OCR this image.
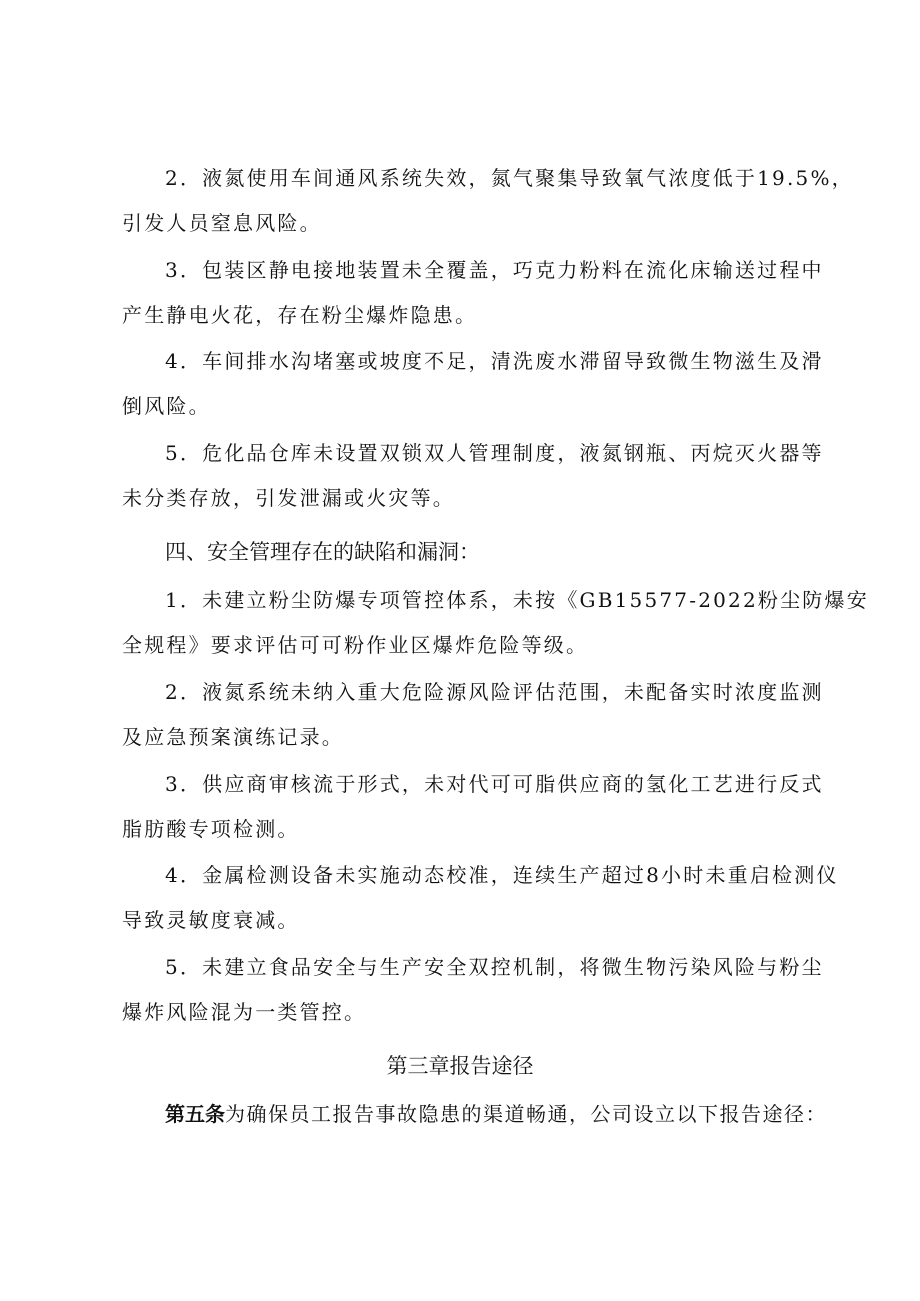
2．液氮使用车间通风系统失效，氮气聚集导致氧气浓度低于19.5%，
引发人员窒息风险。
3．包装区静电接地装置未全覆盖，巧克力粉料在流化床输送过程中
产生静电火花，存在粉尘爆炸隐患。
4．车间排水沟堵塞或坡度不足，清洗废水滞留导致微生物滋生及滑
倒风险。
5．危化品仓库未设置双锁双人管理制度，液氮钢瓶、丙烷灭火器等
未分类存放，引发泄漏或火灾等。
四、安全管理存在的缺陷和漏洞：
1．未建立粉尘防爆专项管控体系，未按《GB15577-2022粉尘防爆安
全规程》要求评估可可粉作业区爆炸危险等级。
2．液氮系统未纳入重大危险源风险评估范围，未配备实时浓度监测
及应急预案演练记录。
3．供应商审核流于形式，未对代可可脂供应商的氢化工艺进行反式
脂肪酸专项检测。
4．金属检测设备未实施动态校准，连续生产超过8小时未重启检测仪
导致灵敏度衰减。
5．未建立食品安全与生产安全双控机制，将微生物污染风险与粉尘
爆炸风险混为一类管控。
第三章报告途径
第五条为确保员工报告事故隐患的渠道畅通，公司设立以下报告途径：
